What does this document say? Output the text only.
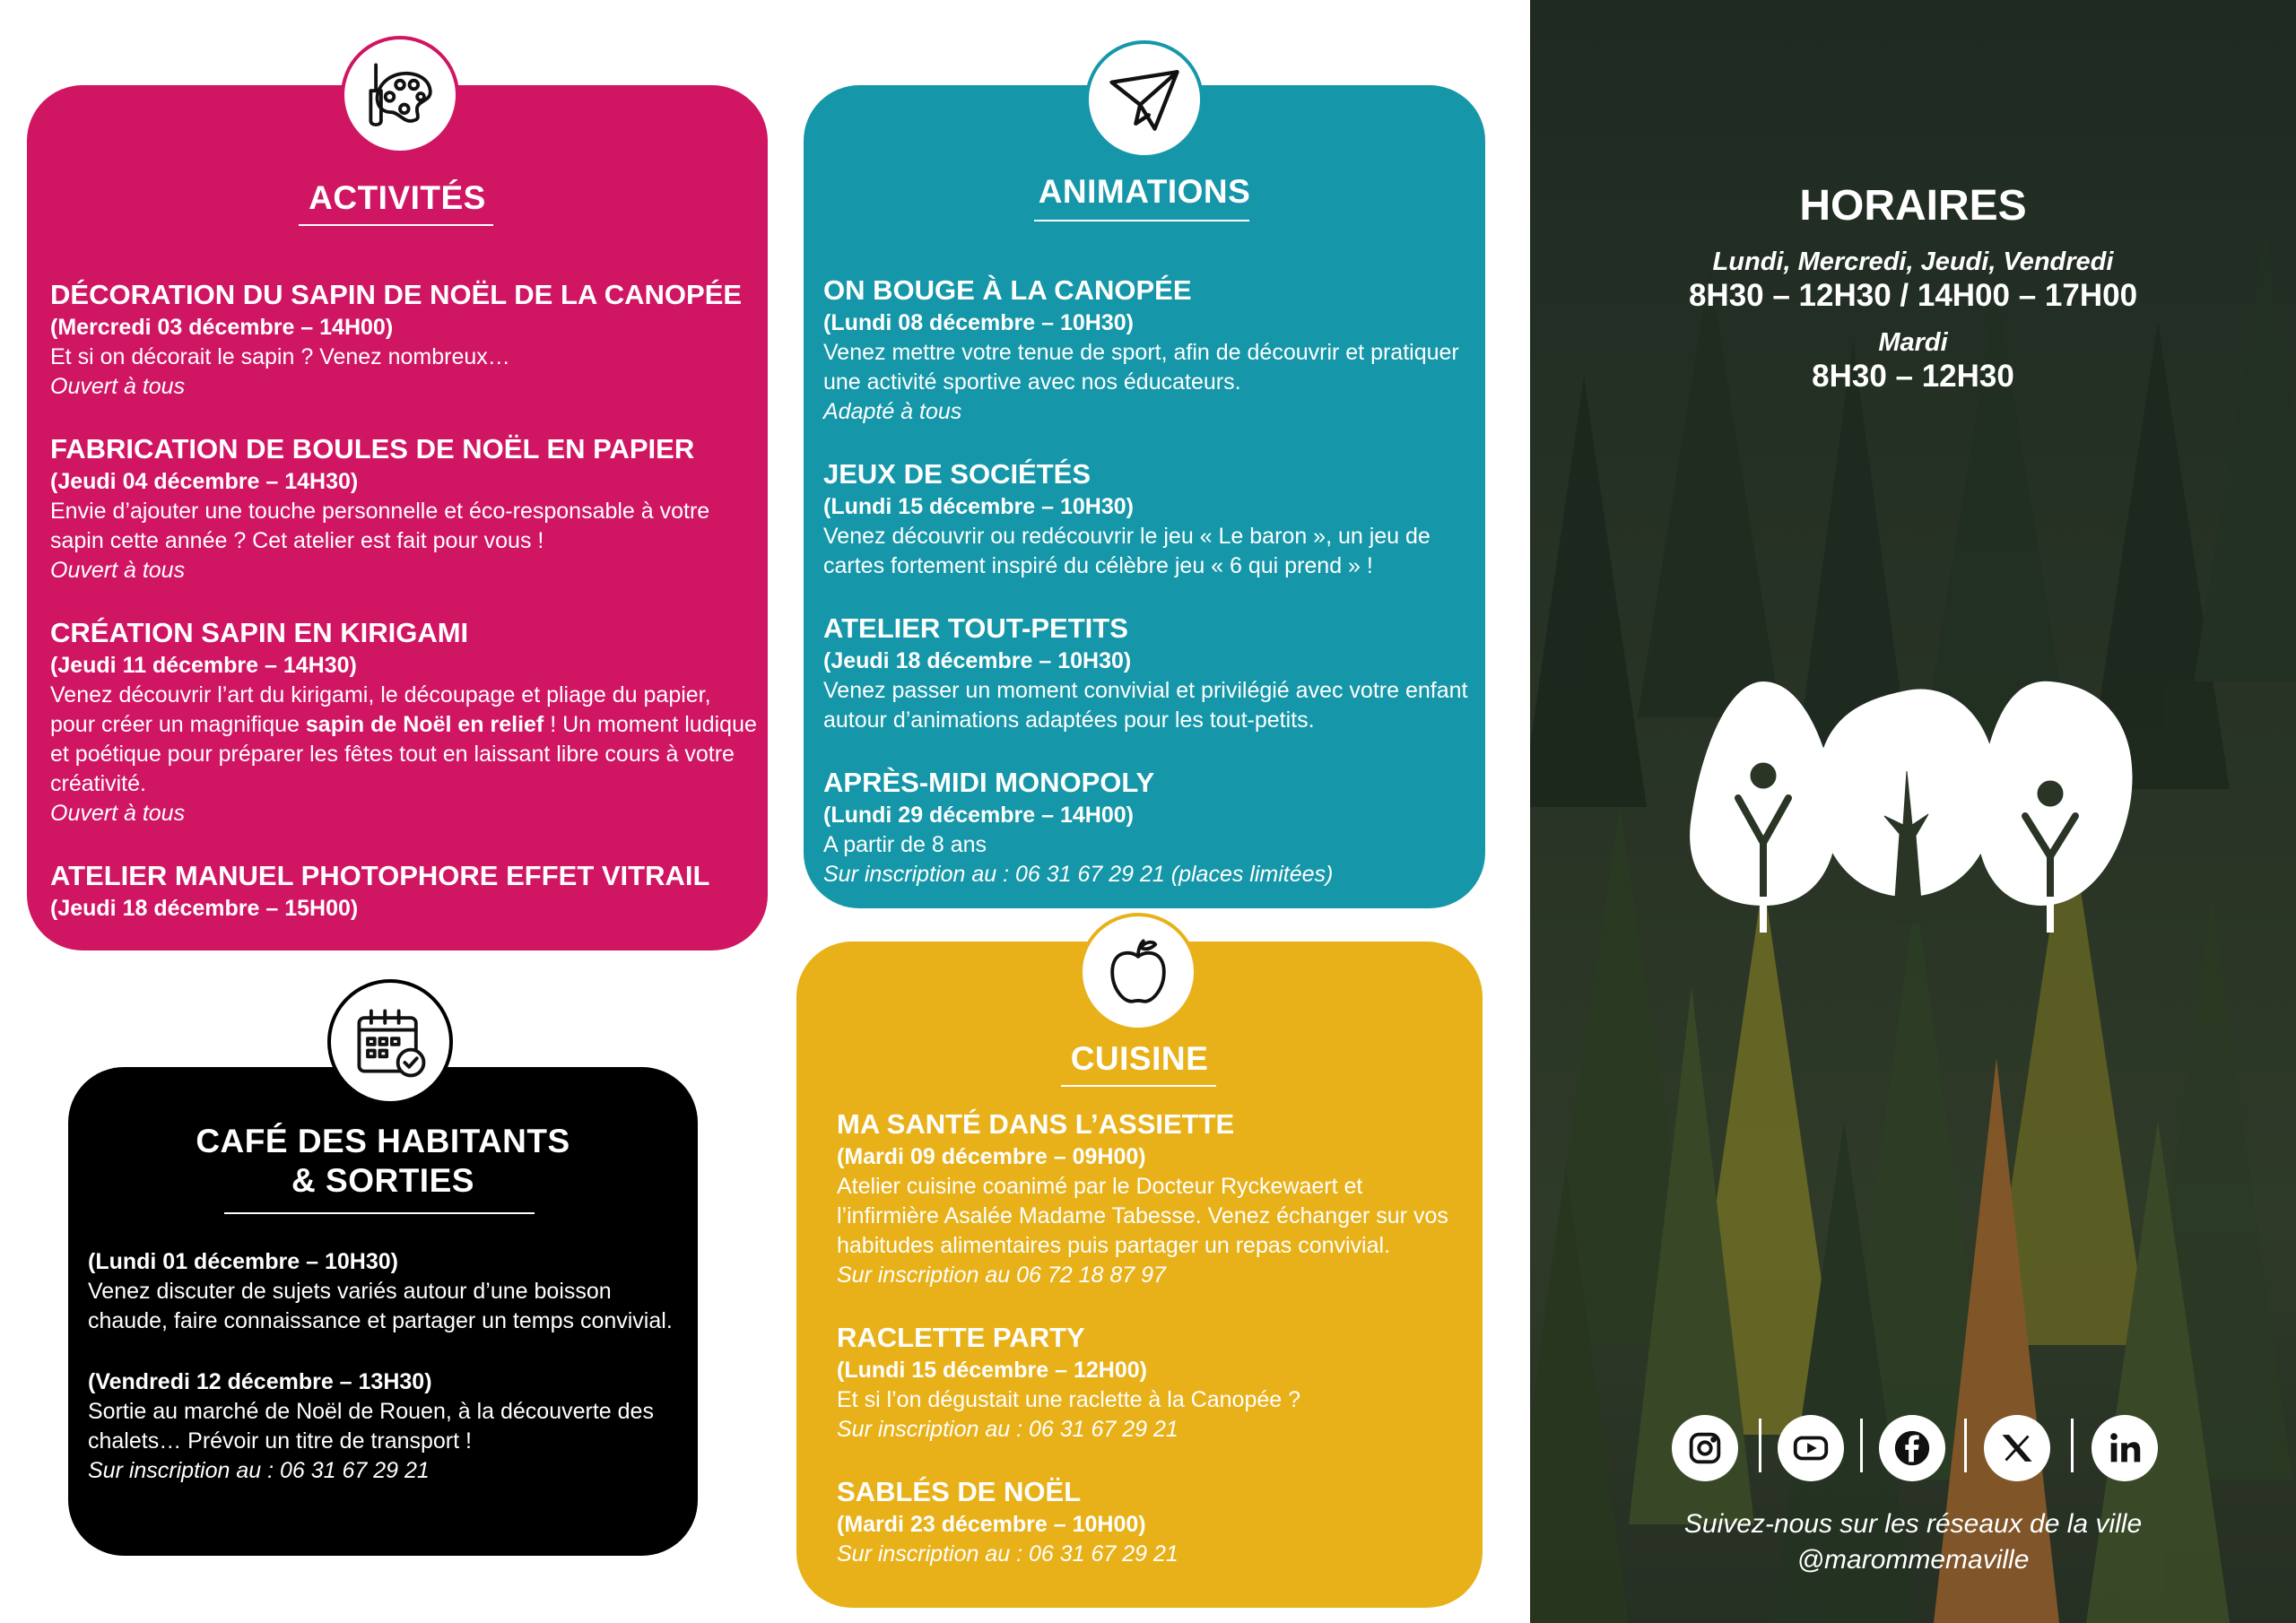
ACTIVITÉS
DÉCORATION DU SAPIN DE NOËL DE LA CANOPÉE
(Mercredi 03 décembre – 14H00)
Et si on décorait le sapin ? Venez nombreux…
Ouvert à tous
FABRICATION DE BOULES DE NOËL EN PAPIER
(Jeudi 04 décembre – 14H30)
Envie d’ajouter une touche personnelle et éco-responsable à votre sapin cette année ? Cet atelier est fait pour vous !
Ouvert à tous
CRÉATION SAPIN EN KIRIGAMI
(Jeudi 11 décembre – 14H30)
Venez découvrir l’art du kirigami, le découpage et pliage du papier, pour créer un magnifique sapin de Noël en relief ! Un moment ludique et poétique pour préparer les fêtes tout en laissant libre cours à votre créativité.
Ouvert à tous
ATELIER MANUEL PHOTOPHORE EFFET VITRAIL
(Jeudi 18 décembre – 15H00)
ANIMATIONS
ON BOUGE À LA CANOPÉE
(Lundi 08 décembre – 10H30)
Venez mettre votre tenue de sport, afin de découvrir et pratiquer une activité sportive avec nos éducateurs.
Adapté à tous
JEUX DE SOCIÉTÉS
(Lundi 15 décembre – 10H30)
Venez découvrir ou redécouvrir le jeu « Le baron », un jeu de cartes fortement inspiré du célèbre jeu « 6 qui prend » !
ATELIER TOUT-PETITS
(Jeudi 18 décembre – 10H30)
Venez passer un moment convivial et privilégié avec votre enfant autour d’animations adaptées pour les tout-petits.
APRÈS-MIDI MONOPOLY
(Lundi 29 décembre – 14H00)
A partir de 8 ans
Sur inscription au : 06 31 67 29 21 (places limitées)
CAFÉ DES HABITANTS
& SORTIES
(Lundi 01 décembre – 10H30)
Venez discuter de sujets variés autour d’une boisson chaude, faire connaissance et partager un temps convivial.
(Vendredi 12 décembre – 13H30)
Sortie au marché de Noël de Rouen, à la découverte des chalets… Prévoir un titre de transport !
Sur inscription au : 06 31 67 29 21
CUISINE
MA SANTÉ DANS L’ASSIETTE
(Mardi 09 décembre – 09H00)
Atelier cuisine coanimé par le Docteur Ryckewaert et l’infirmière Asalée Madame Tabesse. Venez échanger sur vos habitudes alimentaires puis partager un repas convivial.
Sur inscription au 06 72 18 87 97
RACLETTE PARTY
(Lundi 15 décembre – 12H00)
Et si l’on dégustait une raclette à la Canopée ?
Sur inscription au : 06 31 67 29 21
SABLÉS DE NOËL
(Mardi 23 décembre – 10H00)
Sur inscription au : 06 31 67 29 21
HORAIRES
Lundi, Mercredi, Jeudi, Vendredi
8H30 – 12H30 / 14H00 – 17H00
Mardi
8H30 – 12H30
Suivez-nous sur les réseaux de la ville
@marommemaville
